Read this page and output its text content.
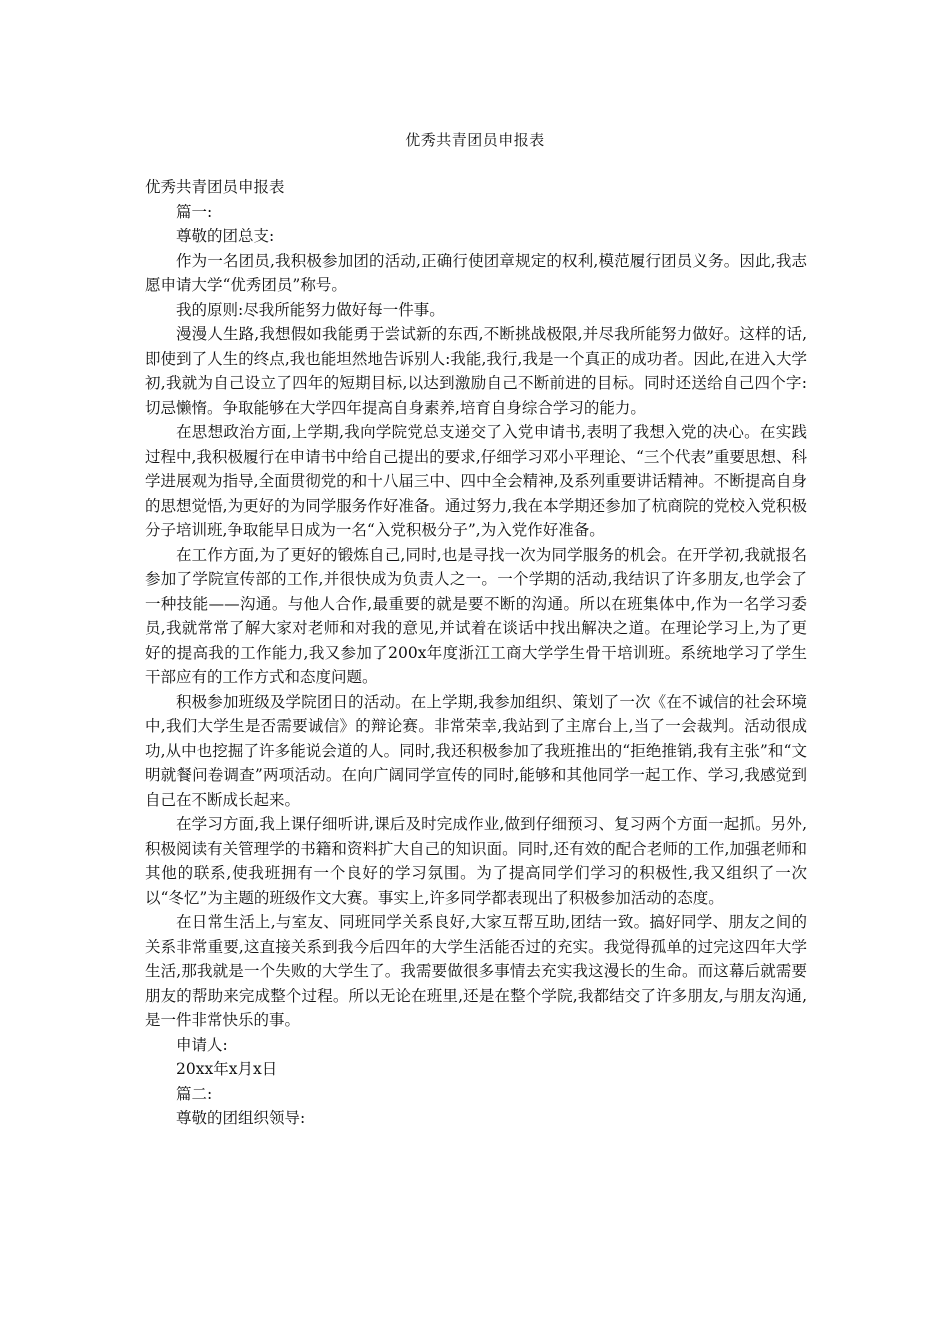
优秀共青团员申报表

优秀共青团员申报表

篇一:

尊敬的团总支:

作为一名团员,我积极参加团的活动,正确行使团章规定的权利,模范履行团员义务。因此,我志愿申请大学“优秀团员”称号。

我的原则:尽我所能努力做好每一件事。

漫漫人生路,我想假如我能勇于尝试新的东西,不断挑战极限,并尽我所能努力做好。这样的话,即使到了人生的终点,我也能坦然地告诉别人:我能,我行,我是一个真正的成功者。因此,在进入大学初,我就为自己设立了四年的短期目标,以达到激励自己不断前进的目标。同时还送给自己四个字:切忌懒惰。争取能够在大学四年提高自身素养,培育自身综合学习的能力。

在思想政治方面,上学期,我向学院党总支递交了入党申请书,表明了我想入党的决心。在实践过程中,我积极履行在申请书中给自己提出的要求,仔细学习邓小平理论、“三个代表”重要思想、科学进展观为指导,全面贯彻党的和十八届三中、四中全会精神,及系列重要讲话精神。不断提高自身的思想觉悟,为更好的为同学服务作好准备。通过努力,我在本学期还参加了杭商院的党校入党积极分子培训班,争取能早日成为一名“入党积极分子”,为入党作好准备。

在工作方面,为了更好的锻炼自己,同时,也是寻找一次为同学服务的机会。在开学初,我就报名参加了学院宣传部的工作,并很快成为负责人之一。一个学期的活动,我结识了许多朋友,也学会了一种技能——沟通。与他人合作,最重要的就是要不断的沟通。所以在班集体中,作为一名学习委员,我就常常了解大家对老师和对我的意见,并试着在谈话中找出解决之道。在理论学习上,为了更好的提高我的工作能力,我又参加了200x年度浙江工商大学学生骨干培训班。系统地学习了学生干部应有的工作方式和态度问题。

积极参加班级及学院团日的活动。在上学期,我参加组织、策划了一次《在不诚信的社会环境中,我们大学生是否需要诚信》的辩论赛。非常荣幸,我站到了主席台上,当了一会裁判。活动很成功,从中也挖掘了许多能说会道的人。同时,我还积极参加了我班推出的“拒绝推销,我有主张”和“文明就餐问卷调查”两项活动。在向广阔同学宣传的同时,能够和其他同学一起工作、学习,我感觉到自己在不断成长起来。

在学习方面,我上课仔细听讲,课后及时完成作业,做到仔细预习、复习两个方面一起抓。另外,积极阅读有关管理学的书籍和资料扩大自己的知识面。同时,还有效的配合老师的工作,加强老师和其他的联系,使我班拥有一个良好的学习氛围。为了提高同学们学习的积极性,我又组织了一次以“冬忆”为主题的班级作文大赛。事实上,许多同学都表现出了积极参加活动的态度。

在日常生活上,与室友、同班同学关系良好,大家互帮互助,团结一致。搞好同学、朋友之间的关系非常重要,这直接关系到我今后四年的大学生活能否过的充实。我觉得孤单的过完这四年大学生活,那我就是一个失败的大学生了。我需要做很多事情去充实我这漫长的生命。而这幕后就需要朋友的帮助来完成整个过程。所以无论在班里,还是在整个学院,我都结交了许多朋友,与朋友沟通,是一件非常快乐的事。

申请人:

20xx年x月x日

篇二:

尊敬的团组织领导:
